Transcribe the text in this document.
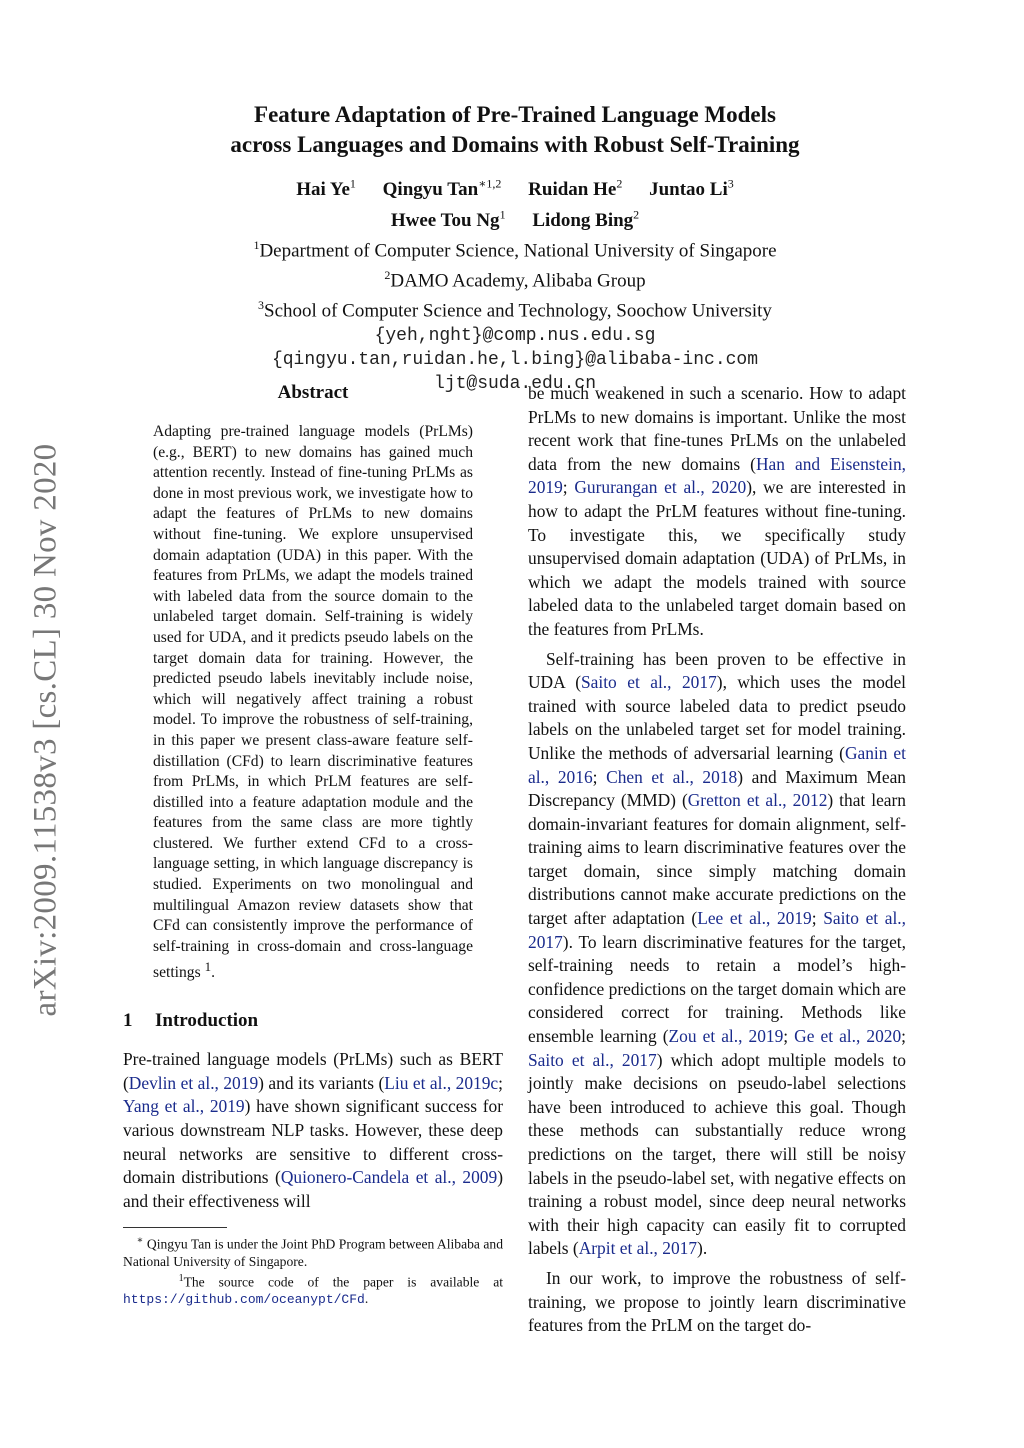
arXiv:2009.11538v3 [cs.CL] 30 Nov 2020

Feature Adaptation of Pre-Trained Language Models
across Languages and Domains with Robust Self-Training

Hai Ye$^1$ Qingyu Tan$^{∗1,2}$ Ruidan He$^2$ Juntao Li$^3$
Hwee Tou Ng$^1$ Lidong Bing$^2$
$^1$Department of Computer Science, National University of Singapore
$^2$DAMO Academy, Alibaba Group
$^3$School of Computer Science and Technology, Soochow University
{yeh,nght}@comp.nus.edu.sg
{qingyu.tan,ruidan.he,l.bing}@alibaba-inc.com
ljt@suda.edu.cn
Abstract

Adapting pre-trained language models (PrLMs) (e.g., BERT) to new domains has gained much attention recently. Instead of fine-tuning PrLMs as done in most previous work, we investigate how to adapt the features of PrLMs to new domains without fine-tuning. We explore unsupervised domain adaptation (UDA) in this paper. With the features from PrLMs, we adapt the models trained with labeled data from the source domain to the unlabeled target domain. Self-training is widely used for UDA, and it predicts pseudo labels on the target domain data for training. However, the predicted pseudo labels inevitably include noise, which will negatively affect training a robust model. To improve the robustness of self-training, in this paper we present class-aware feature self-distillation (CFd) to learn discriminative features from PrLMs, in which PrLM features are self-distilled into a feature adaptation module and the features from the same class are more tightly clustered. We further extend CFd to a cross-language setting, in which language discrepancy is studied. Experiments on two monolingual and multilingual Amazon review datasets show that CFd can consistently improve the performance of self-training in cross-domain and cross-language settings $^1$.

1 Introduction

Pre-trained language models (PrLMs) such as BERT (Devlin et al., 2019) and its variants (Liu et al., 2019c; Yang et al., 2019) have shown significant success for various downstream NLP tasks. However, these deep neural networks are sensitive to different cross-domain distributions (Quionero-Candela et al., 2009) and their effectiveness will

∗ Qingyu Tan is under the Joint PhD Program between Alibaba and National University of Singapore.

$^1$The source code of the paper is available at https://github.com/oceanypt/CFd.

be much weakened in such a scenario. How to adapt PrLMs to new domains is important. Unlike the most recent work that fine-tunes PrLMs on the unlabeled data from the new domains (Han and Eisenstein, 2019; Gururangan et al., 2020), we are interested in how to adapt the PrLM features without fine-tuning. To investigate this, we specifically study unsupervised domain adaptation (UDA) of PrLMs, in which we adapt the models trained with source labeled data to the unlabeled target domain based on the features from PrLMs.

Self-training has been proven to be effective in UDA (Saito et al., 2017), which uses the model trained with source labeled data to predict pseudo labels on the unlabeled target set for model training. Unlike the methods of adversarial learning (Ganin et al., 2016; Chen et al., 2018) and Maximum Mean Discrepancy (MMD) (Gretton et al., 2012) that learn domain-invariant features for domain alignment, self-training aims to learn discriminative features over the target domain, since simply matching domain distributions cannot make accurate predictions on the target after adaptation (Lee et al., 2019; Saito et al., 2017). To learn discriminative features for the target, self-training needs to retain a model’s high-confidence predictions on the target domain which are considered correct for training. Methods like ensemble learning (Zou et al., 2019; Ge et al., 2020; Saito et al., 2017) which adopt multiple models to jointly make decisions on pseudo-label selections have been introduced to achieve this goal. Though these methods can substantially reduce wrong predictions on the target, there will still be noisy labels in the pseudo-label set, with negative effects on training a robust model, since deep neural networks with their high capacity can easily fit to corrupted labels (Arpit et al., 2017).

In our work, to improve the robustness of self-training, we propose to jointly learn discriminative features from the PrLM on the target do-
